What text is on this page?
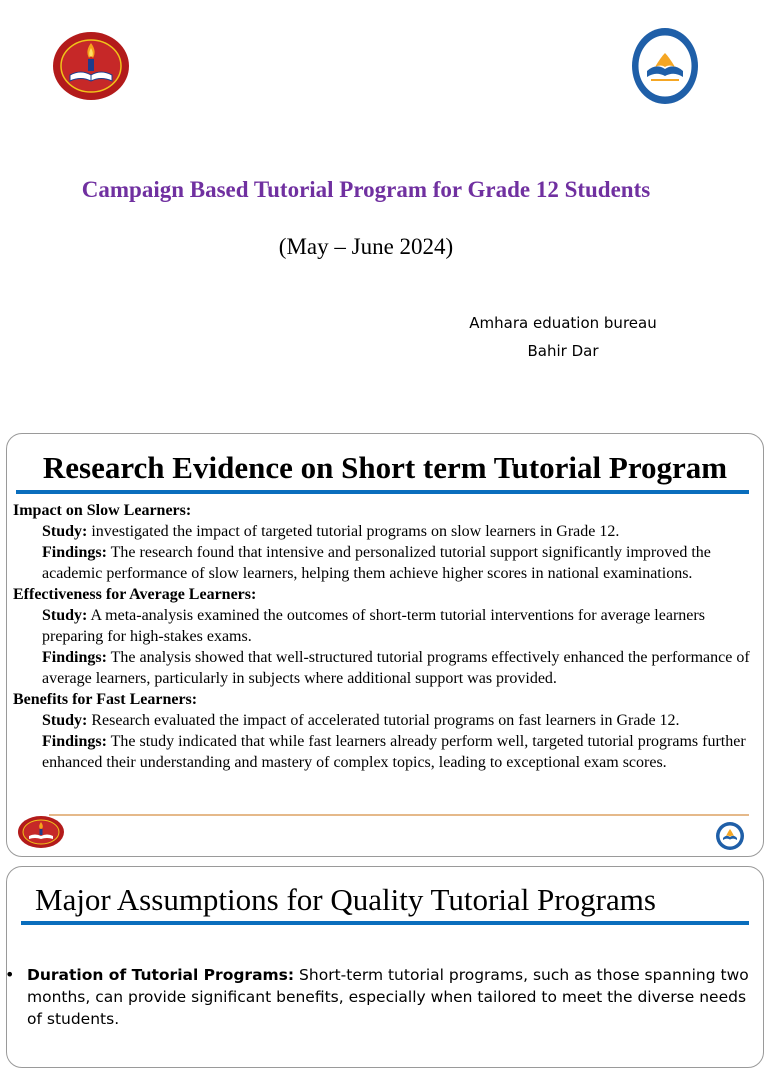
Campaign Based Tutorial Program for Grade 12 Students
(May – June 2024)
Amhara edu​ation bureau
Bahir Dar
Research Evidence on Short term Tutorial Program
Impact on Slow Learners:
Study: investigated the impact of targeted tutorial programs on slow learners in Grade 12.
Findings: The research found that intensive and personalized tutorial support significantly improved the academic performance of slow learners, helping them achieve higher scores in national examinations.
Effectiveness for Average Learners:
Study: A meta-analysis examined the outcomes of short-term tutorial interventions for average learners preparing for high-stakes exams.
Findings: The analysis showed that well-structured tutorial programs effectively enhanced the performance of average learners, particularly in subjects where additional support was provided.
Benefits for Fast Learners:
Study: Research evaluated the impact of accelerated tutorial programs on fast learners in Grade 12.
Findings: The study indicated that while fast learners already perform well, targeted tutorial programs further enhanced their understanding and mastery of complex topics, leading to exceptional exam scores.
Major Assumptions for Quality Tutorial Programs
• Duration of Tutorial Programs: Short-term tutorial programs, such as those spanning two months, can provide significant benefits, especially when tailored to meet the diverse needs of students.
